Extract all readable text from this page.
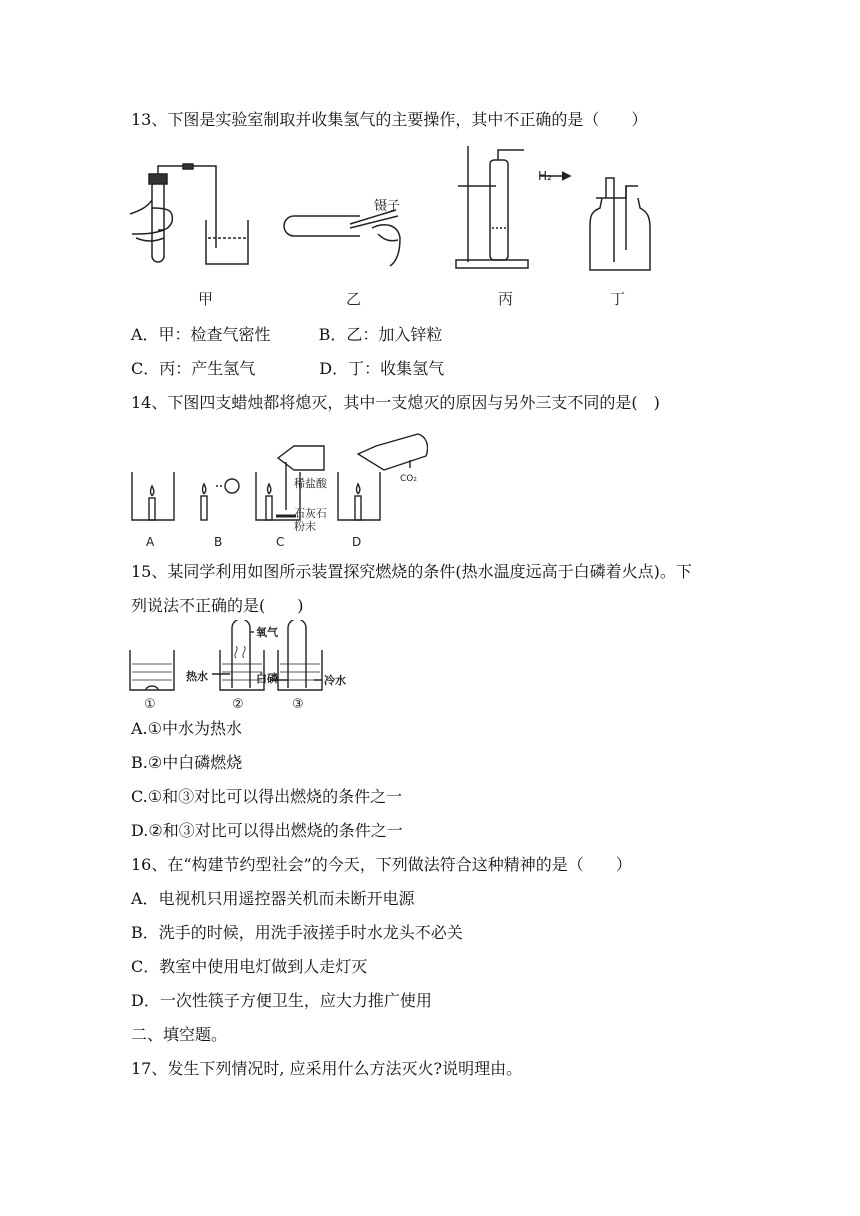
13、下图是实验室制取并收集氢气的主要操作，其中不正确的是（　　）
镊子
H₂
甲	乙	丙	丁
A．甲：检查气密性	B．乙：加入锌粒
C．丙：产生氢气	D．丁：收集氢气
14、下图四支蜡烛都将熄灭，其中一支熄灭的原因与另外三支不同的是(　)
稀盐酸
石灰石
粉末
CO₂
A	B	C	D
15、某同学利用如图所示装置探究燃烧的条件(热水温度远高于白磷着火点)。下
列说法不正确的是(　　)
氧气
热水	白磷	冷水
①	②	③
A.①中水为热水
B.②中白磷燃烧
C.①和③对比可以得出燃烧的条件之一
D.②和③对比可以得出燃烧的条件之一
16、在“构建节约型社会”的今天，下列做法符合这种精神的是（　　）
A．电视机只用遥控器关机而未断开电源
B．洗手的时候，用洗手液搓手时水龙头不必关
C．教室中使用电灯做到人走灯灭
D．一次性筷子方便卫生，应大力推广使用
二、填空题。
17、发生下列情况时, 应采用什么方法灭火?说明理由。
